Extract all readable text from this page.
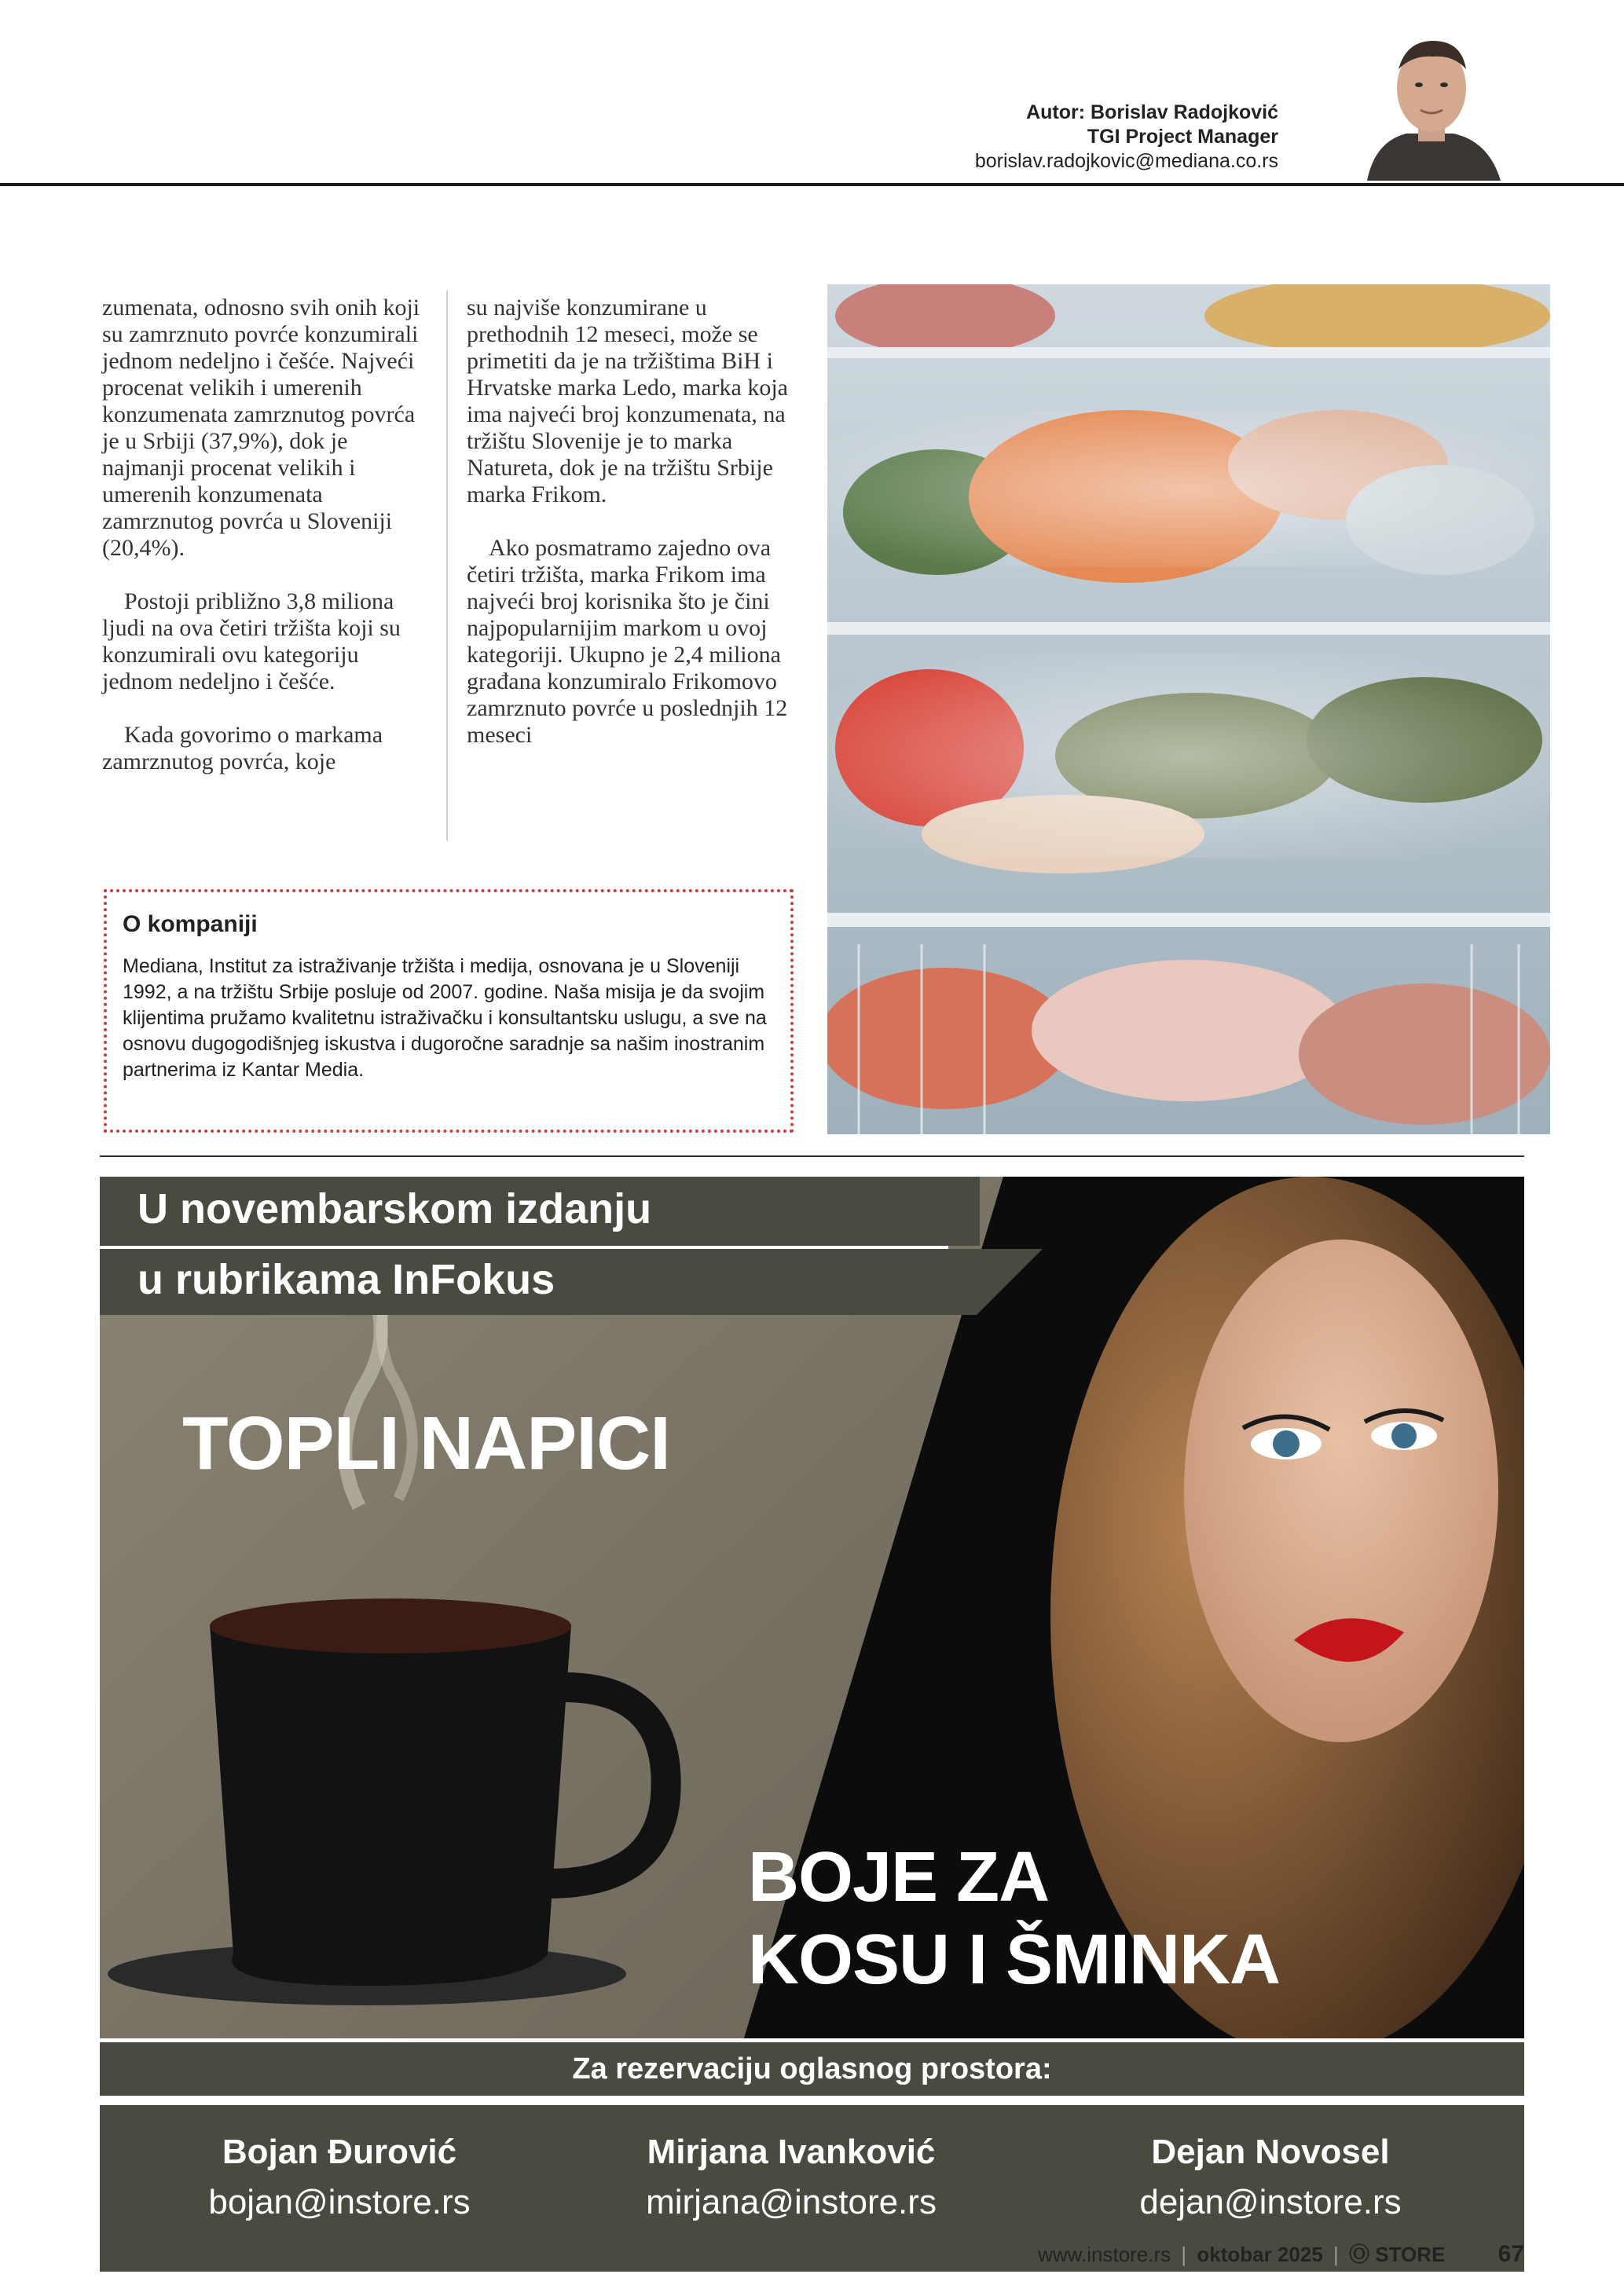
Autor: Borislav Radojković
TGI Project Manager
borislav.radojkovic@mediana.co.rs

zumenata, odnosno svih onih koji su zamrznuto povrće konzumirali jednom nedeljno i češće. Najveći procenat velikih i umerenih konzumenata zamrznutog povrća je u Srbiji (37,9%), dok je najmanji procenat velikih i umerenih konzumenata zamrznutog povrća u Sloveniji (20,4%).

Postoji približno 3,8 miliona ljudi na ova četiri tržišta koji su konzumirali ovu kategoriju jednom nedeljno i češće.

Kada govorimo o markama zamrznutog povrća, koje

su najviše konzumirane u prethodnih 12 meseci, može se primetiti da je na tržištima BiH i Hrvatske marka Ledo, marka koja ima najveći broj konzumenata, na tržištu Slovenije je to marka Natureta, dok je na tržištu Srbije marka Frikom.

Ako posmatramo zajedno ova četiri tržišta, marka Frikom ima najveći broj korisnika što je čini najpopularnijim markom u ovoj kategoriji. Ukupno je 2,4 miliona građana konzumiralo Frikomovo zamrznuto povrće u poslednjih 12 meseci

O kompaniji

Mediana, Institut za istraživanje tržišta i medija, osnovana je u Sloveniji 1992, a na tržištu Srbije posluje od 2007. godine. Naša misija je da svojim klijentima pružamo kvalitetnu istraživačku i konsultantsku uslugu, a sve na osnovu dugogodišnjeg iskustva i dugoročne saradnje sa našim inostranim partnerima iz Kantar Media.

U novembarskom izdanju
u rubrikama InFokus
TOPLI NAPICI
BOJE ZA
KOSU I ŠMINKA
Za rezervaciju oglasnog prostora:
Bojan Đurović
bojan@instore.rs
Mirjana Ivanković
mirjana@instore.rs
Dejan Novosel
dejan@instore.rs
www.instore.rs | oktobar 2025 | Ⓞ STORE 67
